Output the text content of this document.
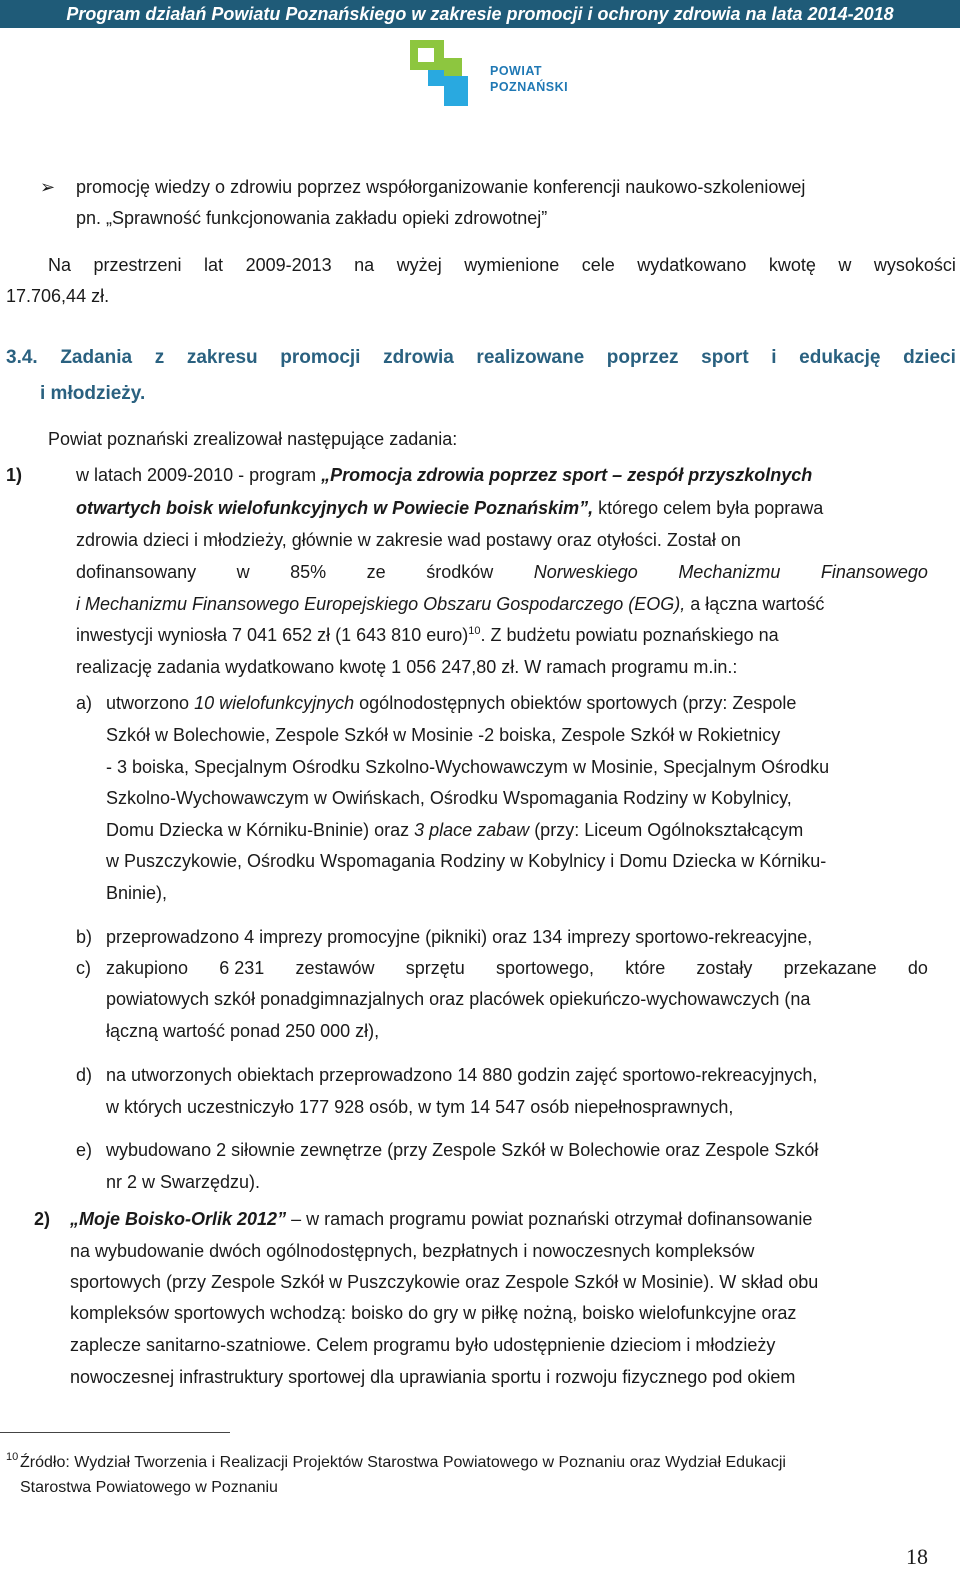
Program działań Powiatu Poznańskiego w zakresie promocji i ochrony zdrowia na lata 2014-2018
POWIAT
POZNAŃSKI
➢ promocję wiedzy o zdrowiu poprzez współorganizowanie konferencji naukowo-szkoleniowej
pn. „Sprawność funkcjonowania zakładu opieki zdrowotnej”
Na przestrzeni lat 2009-2013 na wyżej wymienione cele wydatkowano kwotę w wysokości
17.706,44 zł.
3.4. Zadania z zakresu promocji zdrowia realizowane poprzez sport i edukację dzieci
i młodzieży.
Powiat poznański zrealizował następujące zadania:
1)	w latach 2009-2010 - program „Promocja zdrowia poprzez sport – zespół przyszkolnych
otwartych boisk wielofunkcyjnych w Powiecie Poznańskim”, którego celem była poprawa
zdrowia dzieci i młodzieży, głównie w zakresie wad postawy oraz otyłości. Został on
dofinansowany w 85% ze środków Norweskiego Mechanizmu Finansowego
i Mechanizmu Finansowego Europejskiego Obszaru Gospodarczego (EOG), a łączna wartość
inwestycji wyniosła 7 041 652 zł (1 643 810 euro)$^{10}$. Z budżetu powiatu poznańskiego na
realizację zadania wydatkowano kwotę 1 056 247,80 zł. W ramach programu m.in.:
a) utworzono 10 wielofunkcyjnych ogólnodostępnych obiektów sportowych (przy: Zespole
Szkół w Bolechowie, Zespole Szkół w Mosinie -2 boiska, Zespole Szkół w Rokietnicy
- 3 boiska, Specjalnym Ośrodku Szkolno-Wychowawczym w Mosinie, Specjalnym Ośrodku
Szkolno-Wychowawczym w Owińskach, Ośrodku Wspomagania Rodziny w Kobylnicy,
Domu Dziecka w Kórniku-Bninie) oraz 3 place zabaw (przy: Liceum Ogólnokształcącym
w Puszczykowie, Ośrodku Wspomagania Rodziny w Kobylnicy i Domu Dziecka w Kórniku-
Bninie),
b) przeprowadzono 4 imprezy promocyjne (pikniki) oraz 134 imprezy sportowo-rekreacyjne,
c) zakupiono 6 231 zestawów sprzętu sportowego, które zostały przekazane do
powiatowych szkół ponadgimnazjalnych oraz placówek opiekuńczo-wychowawczych (na
łączną wartość ponad 250 000 zł),
d) na utworzonych obiektach przeprowadzono 14 880 godzin zajęć sportowo-rekreacyjnych,
w których uczestniczyło 177 928 osób, w tym 14 547 osób niepełnosprawnych,
e) wybudowano 2 siłownie zewnętrze (przy Zespole Szkół w Bolechowie oraz Zespole Szkół
nr 2 w Swarzędzu).
2) „Moje Boisko-Orlik 2012” – w ramach programu powiat poznański otrzymał dofinansowanie
na wybudowanie dwóch ogólnodostępnych, bezpłatnych i nowoczesnych kompleksów
sportowych (przy Zespole Szkół w Puszczykowie oraz Zespole Szkół w Mosinie). W skład obu
kompleksów sportowych wchodzą: boisko do gry w piłkę nożną, boisko wielofunkcyjne oraz
zaplecze sanitarno-szatniowe. Celem programu było udostępnienie dzieciom i młodzieży
nowoczesnej infrastruktury sportowej dla uprawiania sportu i rozwoju fizycznego pod okiem
10 Źródło: Wydział Tworzenia i Realizacji Projektów Starostwa Powiatowego w Poznaniu oraz Wydział Edukacji
Starostwa Powiatowego w Poznaniu
18
